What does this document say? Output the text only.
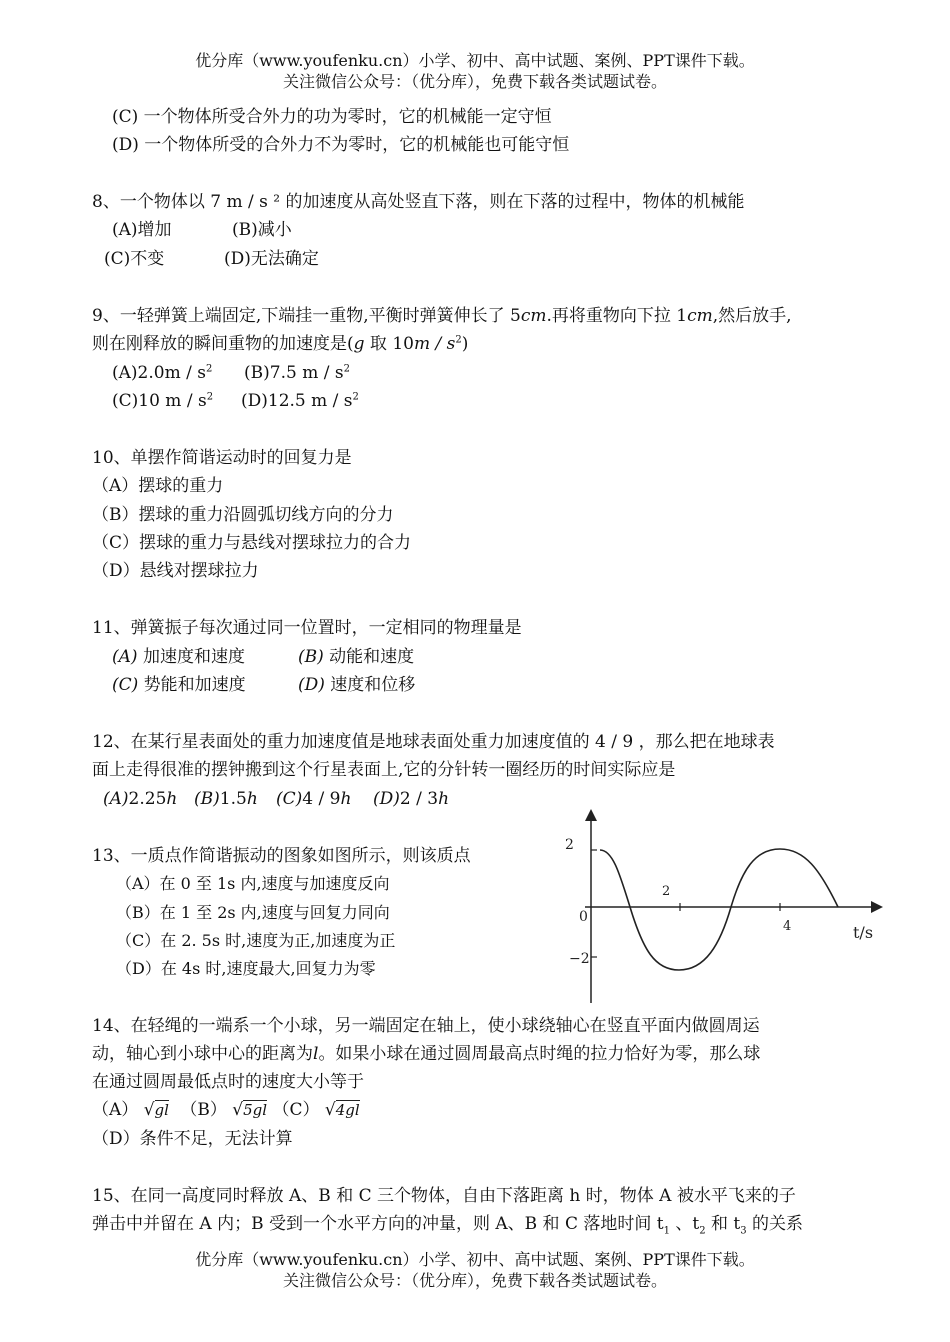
优分库（www.youfenku.cn）小学、初中、高中试题、案例、PPT课件下载。
关注微信公众号：（优分库），免费下载各类试题试卷。
(C) 一个物体所受合外力的功为零时，它的机械能一定守恒
(D) 一个物体所受的合外力不为零时，它的机械能也可能守恒
8、一个物体以 7 m / s ² 的加速度从高处竖直下落，则在下落的过程中，物体的机械能
(A)增加	(B)减小
(C)不变	(D)无法确定
9、一轻弹簧上端固定,下端挂一重物,平衡时弹簧伸长了 5cm.再将重物向下拉 1cm,然后放手,
则在刚释放的瞬间重物的加速度是(g 取 $10m / s^2$)
$(A)2.0m / s^2$ (B)7.5 m / $s^2$
(C)10 m / $s^2$ (D)12.5 m / $s^2$
10、单摆作简谐运动时的回复力是
（A）摆球的重力
（B）摆球的重力沿圆弧切线方向的分力
（C）摆球的重力与悬线对摆球拉力的合力
（D）悬线对摆球拉力
11、弹簧振子每次通过同一位置时，一定相同的物理量是
(A) 加速度和速度	(B) 动能和速度
(C) 势能和加速度	(D) 速度和位移
12、在某行星表面处的重力加速度值是地球表面处重力加速度值的 4 / 9 ，那么把在地球表
面上走得很准的摆钟搬到这个行星表面上,它的分针转一圈经历的时间实际应是
(A)2.25h (B)1.5h (C)4 / 9h (D)2 / 3h
13、一质点作简谐振动的图象如图所示，则该质点
（A）在 0 至 1s 内,速度与加速度反向
（B）在 1 至 2s 内,速度与回复力同向
（C）在 2. 5s 时,速度为正,加速度为正
（D）在 4s 时,速度最大,回复力为零
2
−2
0
2
4	t/s
14、在轻绳的一端系一个小球，另一端固定在轴上，使小球绕轴心在竖直平面内做圆周运
动，轴心到小球中心的距离为l。如果小球在通过圆周最高点时绳的拉力恰好为零，那么球
在通过圆周最低点时的速度大小等于
（A） √gl （B） √5gl （C） √4gl
（D）条件不足，无法计算
15、在同一高度同时释放 A、B 和 C 三个物体，自由下落距离 h 时，物体 A 被水平飞来的子
弹击中并留在 A 内；B 受到一个水平方向的冲量，则 A、B 和 C 落地时间 $t_1$ 、$t_2$ 和 $t_3$ 的关系
优分库（www.youfenku.cn）小学、初中、高中试题、案例、PPT课件下载。
关注微信公众号：（优分库），免费下载各类试题试卷。
